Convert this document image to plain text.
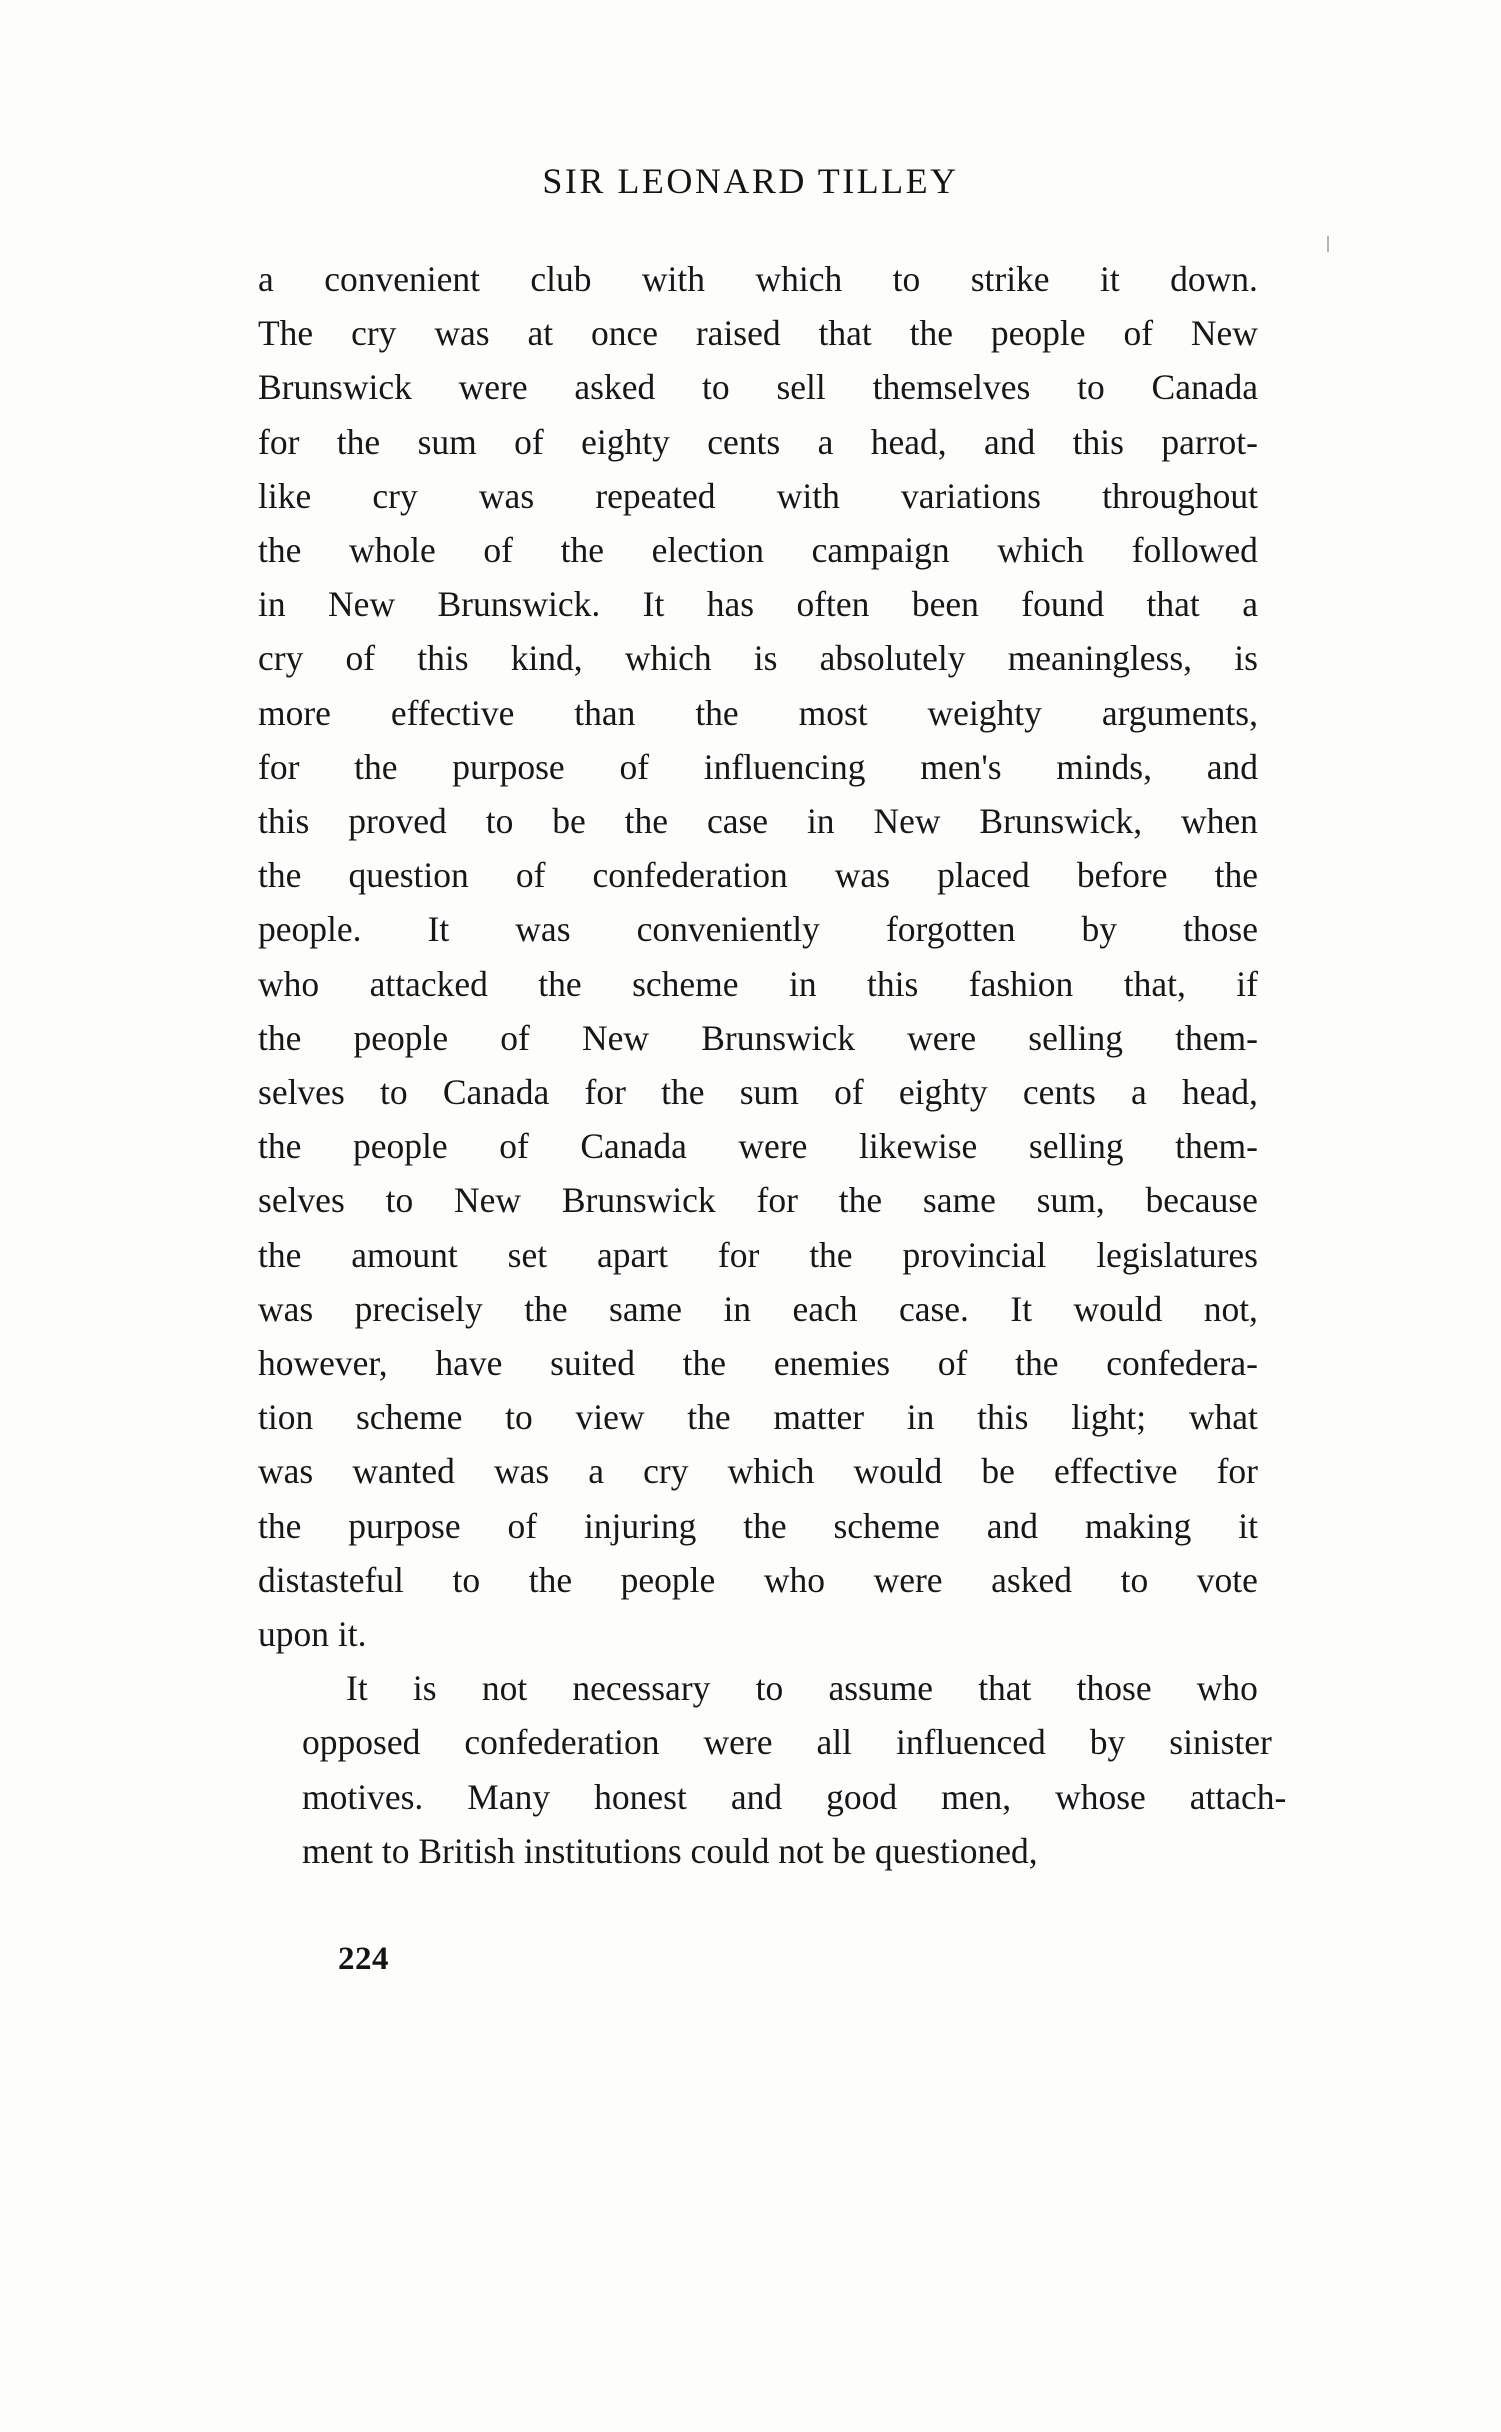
SIR LEONARD TILLEY

a convenient club with which to strike it down.
The cry was at once raised that the people of New
Brunswick were asked to sell themselves to Canada
for the sum of eighty cents a head, and this parrot-
like cry was repeated with variations throughout
the whole of the election campaign which followed
in New Brunswick. It has often been found that a
cry of this kind, which is absolutely meaningless, is
more effective than the most weighty arguments,
for the purpose of influencing men's minds, and
this proved to be the case in New Brunswick, when
the question of confederation was placed before the
people. It was conveniently forgotten by those
who attacked the scheme in this fashion that, if
the people of New Brunswick were selling them-
selves to Canada for the sum of eighty cents a head,
the people of Canada were likewise selling them-
selves to New Brunswick for the same sum, because
the amount set apart for the provincial legislatures
was precisely the same in each case. It would not,
however, have suited the enemies of the confedera-
tion scheme to view the matter in this light; what
was wanted was a cry which would be effective for
the purpose of injuring the scheme and making it
distasteful to the people who were asked to vote
upon it.

It	is	not	necessary	to	assume	that	those	who
opposed	confederation	were	all	influenced	by	sinister
motives.	Many	honest	and	good	men,	whose	attach-
ment to British institutions could not be questioned,

224
